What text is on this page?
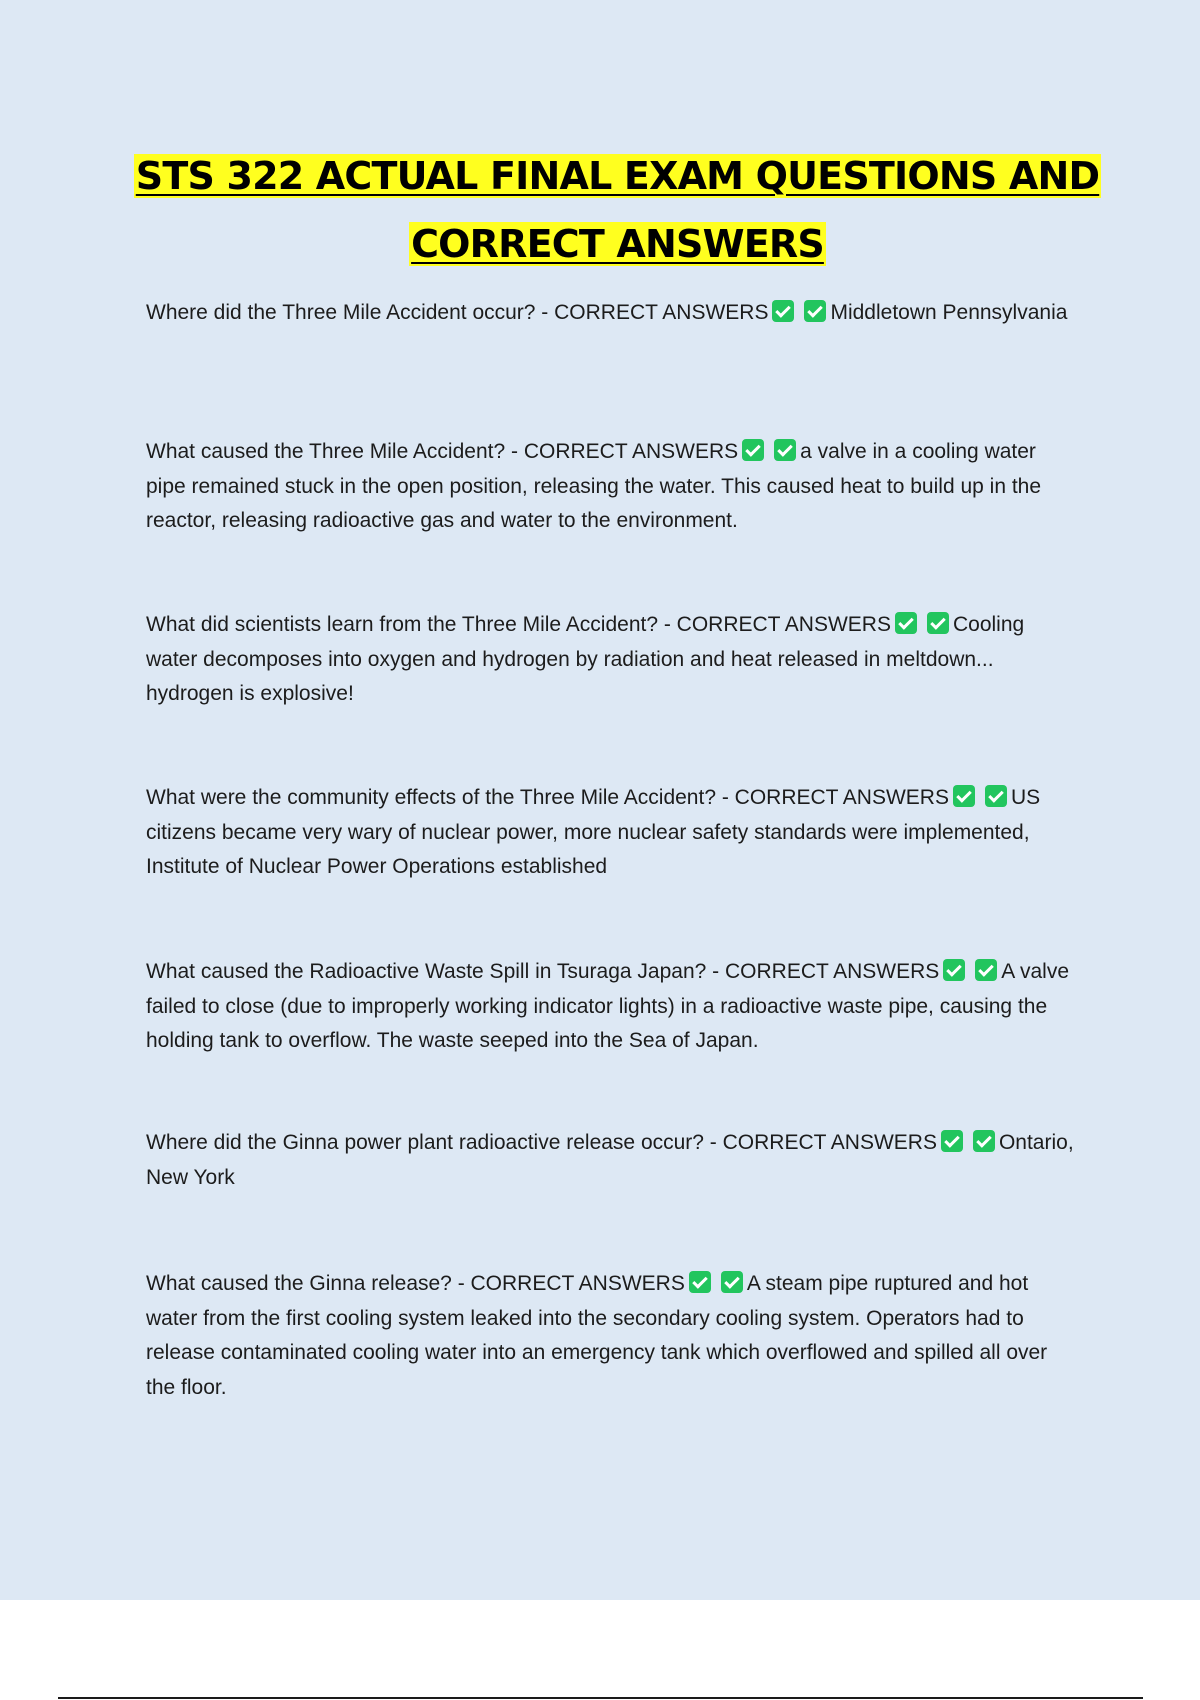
STS 322 ACTUAL FINAL EXAM QUESTIONS AND
CORRECT ANSWERS

Where did the Three Mile Accident occur? - CORRECT ANSWERS	Middletown Pennsylvania

What caused the Three Mile Accident? - CORRECT ANSWERS	a valve in a cooling water pipe remained stuck in the open position, releasing the water. This caused heat to build up in the reactor, releasing radioactive gas and water to the environment.

What did scientists learn from the Three Mile Accident? - CORRECT ANSWERS	Cooling water decomposes into oxygen and hydrogen by radiation and heat released in meltdown... hydrogen is explosive!

What were the community effects of the Three Mile Accident? - CORRECT ANSWERS	US citizens became very wary of nuclear power, more nuclear safety standards were implemented, Institute of Nuclear Power Operations established

What caused the Radioactive Waste Spill in Tsuraga Japan? - CORRECT ANSWERS	A valve failed to close (due to improperly working indicator lights) in a radioactive waste pipe, causing the holding tank to overflow. The waste seeped into the Sea of Japan.

Where did the Ginna power plant radioactive release occur? - CORRECT ANSWERS	Ontario, New York

What caused the Ginna release? - CORRECT ANSWERS	A steam pipe ruptured and hot water from the first cooling system leaked into the secondary cooling system. Operators had to release contaminated cooling water into an emergency tank which overflowed and spilled all over the floor.
